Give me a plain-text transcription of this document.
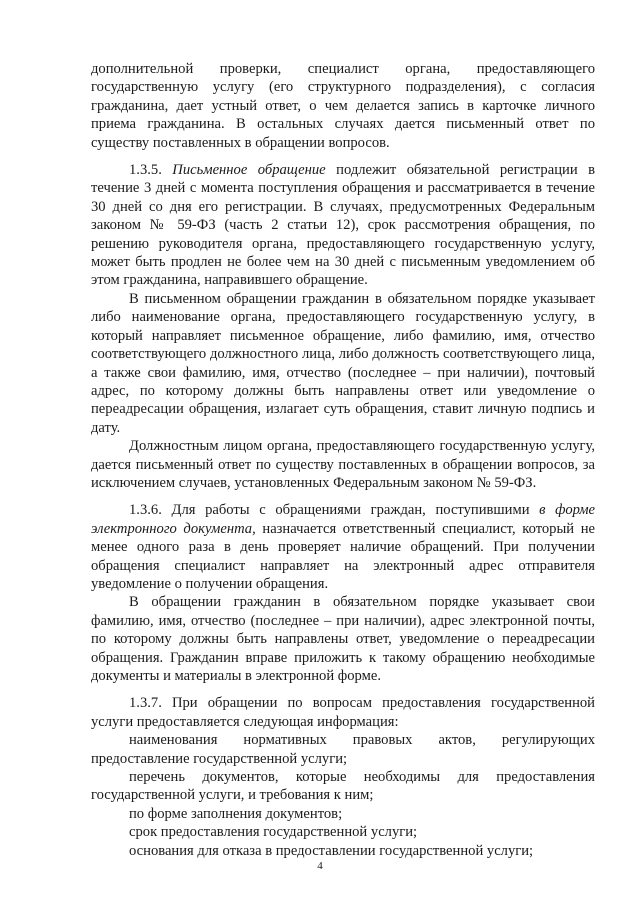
дополнительной проверки, специалист органа, предоставляющего государственную услугу (его структурного подразделения), с согласия гражданина, дает устный ответ, о чем делается запись в карточке личного приема гражданина. В остальных случаях дается письменный ответ по существу поставленных в обращении вопросов.

1.3.5. Письменное обращение подлежит обязательной регистрации в течение 3 дней с момента поступления обращения и рассматривается в течение 30 дней со дня его регистрации. В случаях, предусмотренных Федеральным законом № 59-ФЗ (часть 2 статьи 12), срок рассмотрения обращения, по решению руководителя органа, предоставляющего государственную услугу, может быть продлен не более чем на 30 дней с письменным уведомлением об этом гражданина, направившего обращение.

В письменном обращении гражданин в обязательном порядке указывает либо наименование органа, предоставляющего государственную услугу, в который направляет письменное обращение, либо фамилию, имя, отчество соответствующего должностного лица, либо должность соответствующего лица, а также свои фамилию, имя, отчество (последнее – при наличии), почтовый адрес, по которому должны быть направлены ответ или уведомление о переадресации обращения, излагает суть обращения, ставит личную подпись и дату.

Должностным лицом органа, предоставляющего государственную услугу, дается письменный ответ по существу поставленных в обращении вопросов, за исключением случаев, установленных Федеральным законом № 59-ФЗ.

1.3.6. Для работы с обращениями граждан, поступившими в форме электронного документа, назначается ответственный специалист, который не менее одного раза в день проверяет наличие обращений. При получении обращения специалист направляет на электронный адрес отправителя уведомление о получении обращения.

В обращении гражданин в обязательном порядке указывает свои фамилию, имя, отчество (последнее – при наличии), адрес электронной почты, по которому должны быть направлены ответ, уведомление о переадресации обращения. Гражданин вправе приложить к такому обращению необходимые документы и материалы в электронной форме.

1.3.7. При обращении по вопросам предоставления государственной услуги предоставляется следующая информация:

наименования нормативных правовых актов, регулирующих предоставление государственной услуги;

перечень документов, которые необходимы для предоставления государственной услуги, и требования к ним;

по форме заполнения документов;

срок предоставления государственной услуги;

основания для отказа в предоставлении государственной услуги;

4
